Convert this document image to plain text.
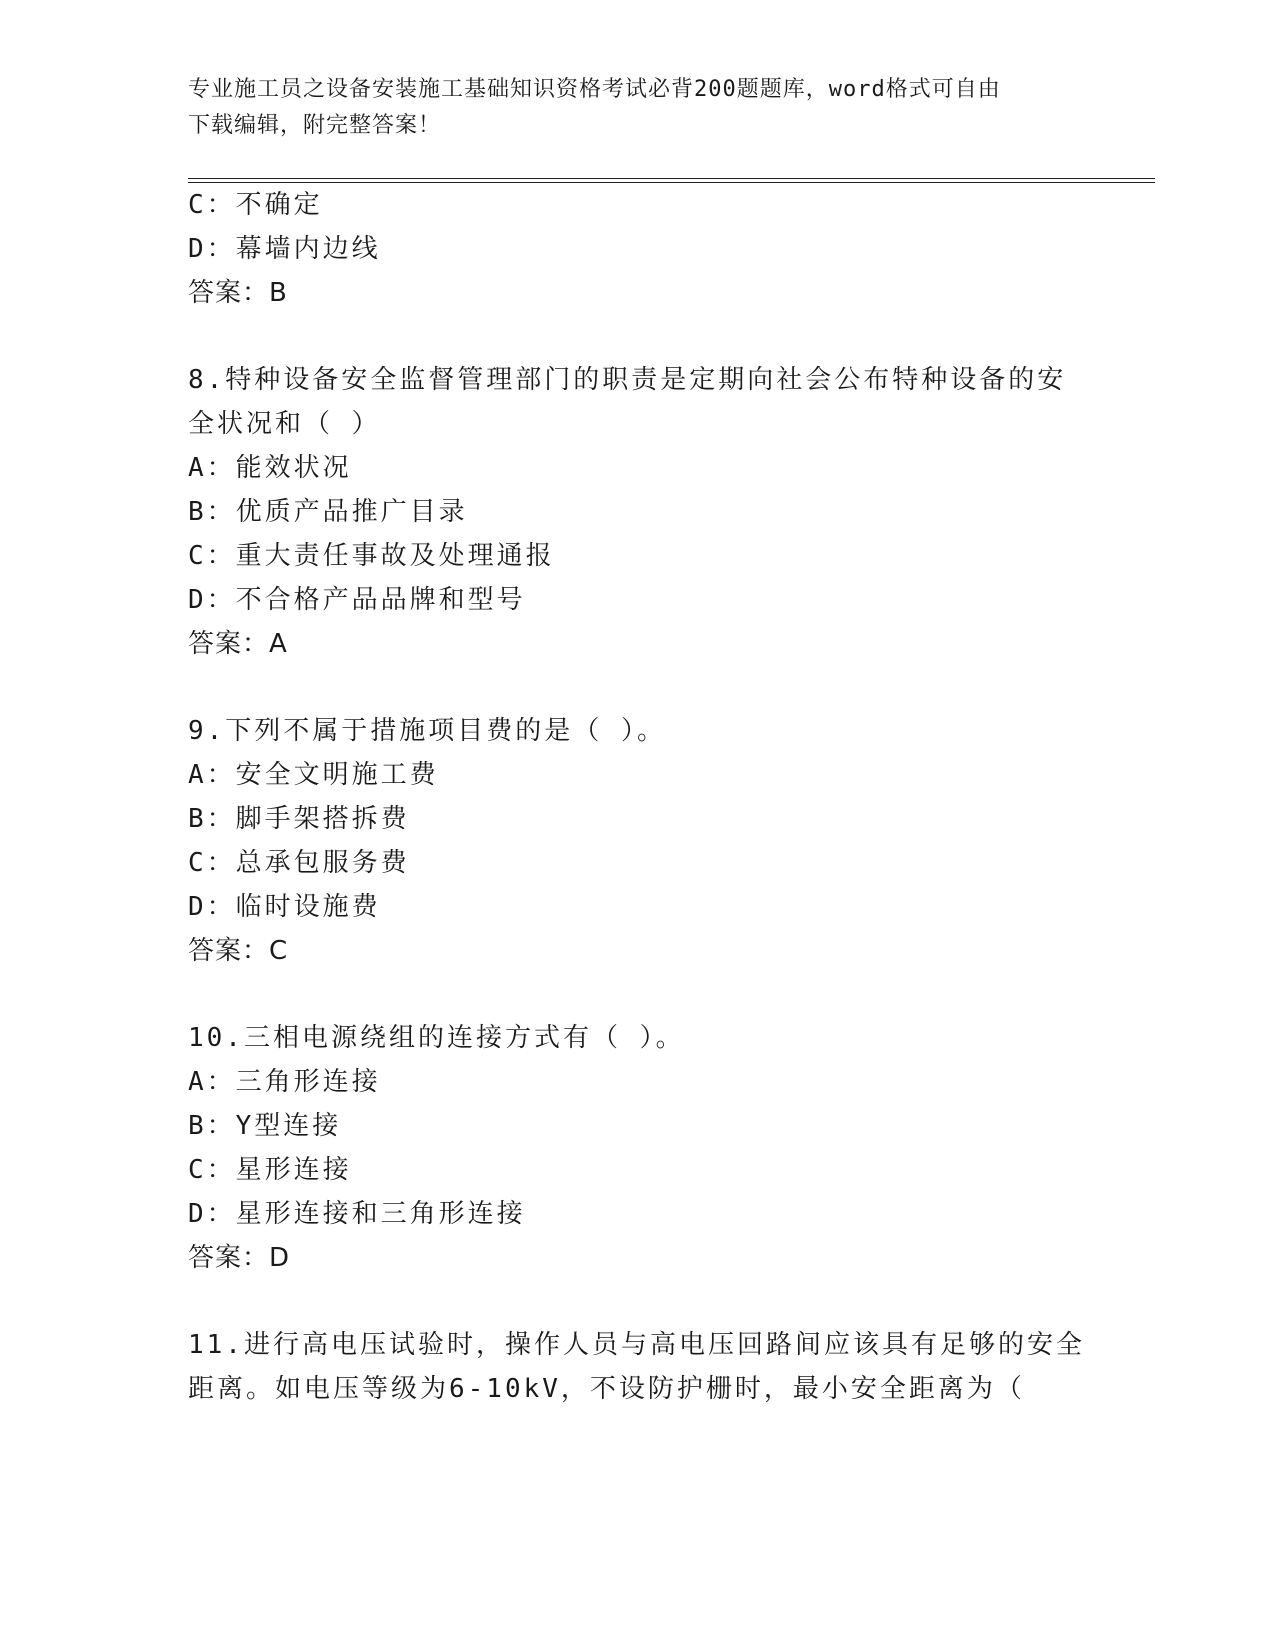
专业施工员之设备安装施工基础知识资格考试必背200题题库，word格式可自由
下载编辑，附完整答案！
C：不确定
D：幕墙内边线
答案：B
8.特种设备安全监督管理部门的职责是定期向社会公布特种设备的安
全状况和（ ）
A：能效状况
B：优质产品推广目录
C：重大责任事故及处理通报
D：不合格产品品牌和型号
答案：A
9.下列不属于措施项目费的是（ ）。
A：安全文明施工费
B：脚手架搭拆费
C：总承包服务费
D：临时设施费
答案：C
10.三相电源绕组的连接方式有（ ）。
A：三角形连接
B：Y型连接
C：星形连接
D：星形连接和三角形连接
答案：D
11.进行高电压试验时，操作人员与高电压回路间应该具有足够的安全
距离。如电压等级为6-10kV，不设防护栅时，最小安全距离为（
